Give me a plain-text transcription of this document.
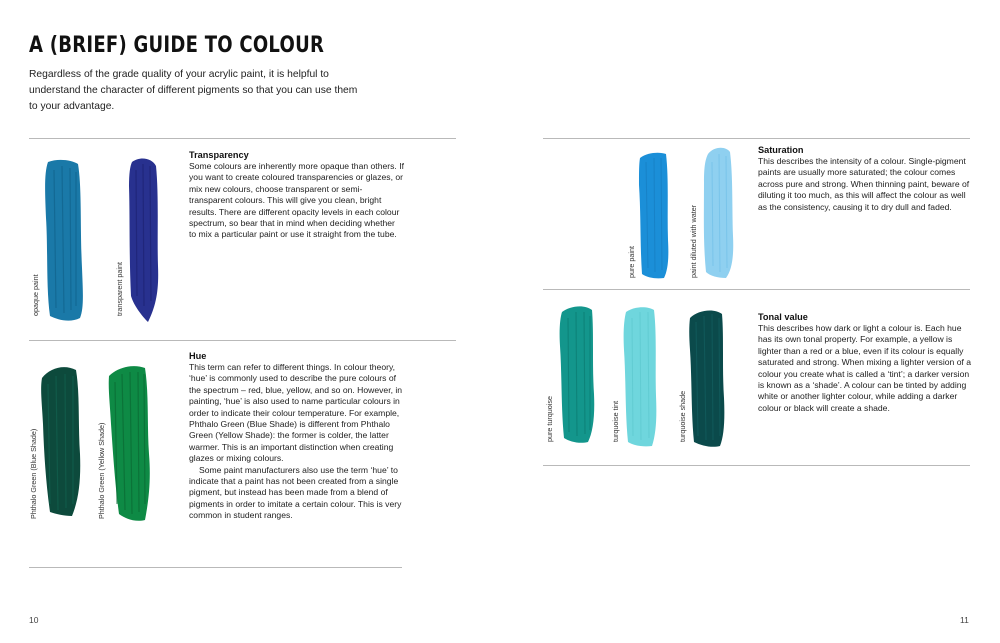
A (BRIEF) GUIDE TO COLOUR
Regardless of the grade quality of your acrylic paint, it is helpful to understand the character of different pigments so that you can use them to your advantage.
opaque paint	transparent paint
Transparency
Some colours are inherently more opaque than others. If you want to create coloured transparencies or glazes, or mix new colours, choose transparent or semi-transparent colours. This will give you clean, bright results. There are different opacity levels in each colour spectrum, so bear that in mind when deciding whether to mix a particular paint or use it straight from the tube.
Phthalo Green (Blue Shade)	Phthalo Green (Yellow Shade)
Hue

This term can refer to different things. In colour theory, ‘hue’ is commonly used to describe the pure colours of the spectrum – red, blue, yellow, and so on. However, in painting, ‘hue’ is also used to name particular colours in order to indicate their colour temperature. For example, Phthalo Green (Blue Shade) is different from Phthalo Green (Yellow Shade): the former is colder, the latter warmer. This is an important distinction when creating glazes or mixing colours.

Some paint manufacturers also use the term ‘hue’ to indicate that a paint has not been created from a single pigment, but instead has been made from a blend of pigments in order to imitate a certain colour. This is very common in student ranges.

pure paint	paint diluted with water
Saturation
This describes the intensity of a colour. Single-pigment paints are usually more saturated; the colour comes across pure and strong. When thinning paint, beware of diluting it too much, as this will affect the colour as well as the consistency, causing it to dry dull and faded.
pure turquoise	turquoise tint	turquoise shade
Tonal value
This describes how dark or light a colour is. Each hue has its own tonal property. For example, a yellow is lighter than a red or a blue, even if its colour is equally saturated and strong. When mixing a lighter version of a colour you create what is called a ‘tint’; a darker version is known as a ‘shade’. A colour can be tinted by adding white or another lighter colour, while adding a darker colour or black will create a shade.
10	11
